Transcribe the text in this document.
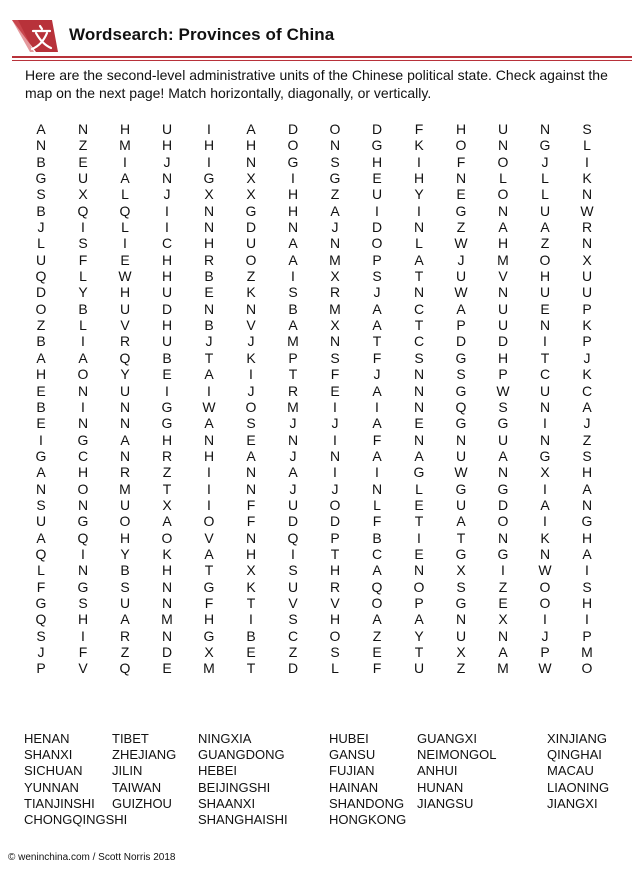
Wordsearch: Provinces of China

Here are the second-level administrative units of the Chinese political state. Check against the map on the next page! Match horizontally, diagonally, or vertically.

A	N	H	U	I	A	D	O	D	F	H	U	N	S
N	Z	M	H	H	H	O	N	G	K	O	N	G	L
B	E	I	J	I	N	G	S	H	I	F	O	J	I
G	U	A	N	G	X	I	G	E	H	N	L	L	K
S	X	L	J	X	X	H	Z	U	Y	E	O	L	N
B	Q	Q	I	N	G	H	A	I	I	G	N	U	W
J	I	L	I	N	D	N	J	D	N	Z	A	A	R
L	S	I	C	H	U	A	N	O	L	W	H	Z	N
U	F	E	H	R	O	A	M	P	A	J	M	O	X
Q	L	W	H	B	Z	I	X	S	T	U	V	H	U
D	Y	H	U	E	K	S	R	J	N	W	N	U	U
O	B	U	D	N	N	B	M	A	C	A	U	E	P
Z	L	V	H	B	V	A	X	A	T	P	U	N	K
B	I	R	U	J	J	M	N	T	C	D	D	I	P
A	A	Q	B	T	K	P	S	F	S	G	H	T	J
H	O	Y	E	A	I	T	F	J	N	S	P	C	K
E	N	U	I	I	J	R	E	A	N	G	W	U	C
B	I	N	G	W	O	M	I	I	N	Q	S	N	A
E	N	N	G	A	S	J	J	A	E	G	G	I	J
I	G	A	H	N	E	N	I	F	N	N	U	N	Z
G	C	N	R	H	A	J	N	A	A	U	A	G	S
A	H	R	Z	I	N	A	I	I	G	W	N	X	H
N	O	M	T	I	N	J	J	N	L	G	G	I	A
S	N	U	X	I	F	U	O	L	E	U	D	A	N
U	G	O	A	O	F	D	D	F	T	A	O	I	G
A	Q	H	O	V	N	Q	P	B	I	T	N	K	H
Q	I	Y	K	A	H	I	T	C	E	G	G	N	A
L	N	B	H	T	X	S	H	A	N	X	I	W	I
F	G	S	N	G	K	U	R	Q	O	S	Z	O	S
G	S	U	N	F	T	V	V	O	P	G	E	O	H
Q	H	A	M	H	I	S	H	A	A	N	X	I	I
S	I	R	N	G	B	C	O	Z	Y	U	N	J	P
J	F	Z	D	X	E	Z	S	E	T	X	A	P	M
P	V	Q	E	M	T	D	L	F	U	Z	M	W	O
HENAN
SHANXI
SICHUAN
YUNNAN
TIANJINSHI
CHONGQINGSHI
TIBET
ZHEJIANG
JILIN
TAIWAN
GUIZHOU
NINGXIA
GUANGDONG
HEBEI
BEIJINGSHI
SHAANXI
SHANGHAISHI
HUBEI
GANSU
FUJIAN
HAINAN
SHANDONG
HONGKONG
GUANGXI
NEIMONGOL
ANHUI
HUNAN
JIANGSU
XINJIANG
QINGHAI
MACAU
LIAONING
JIANGXI
© weninchina.com / Scott Norris 2018
